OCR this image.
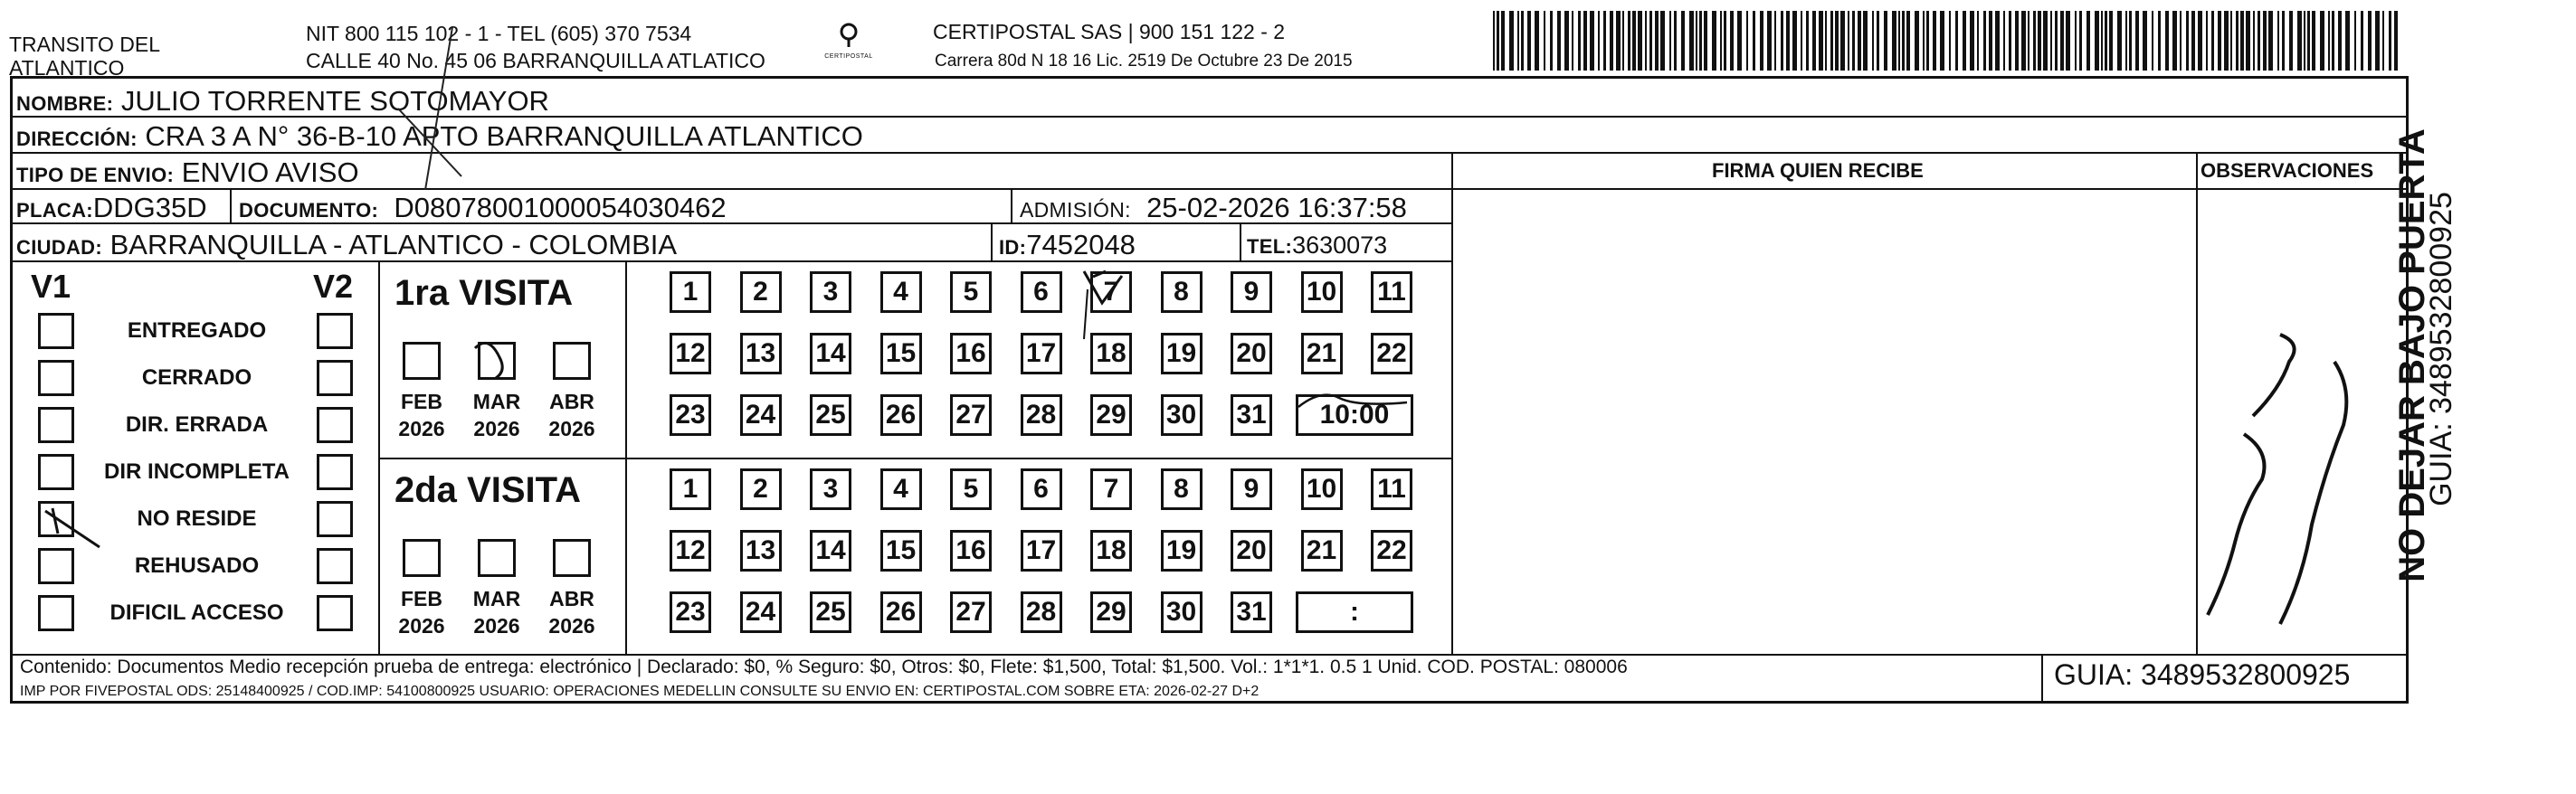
TRANSITO DEL
ATLANTICO
NIT 800 115 102 - 1 - TEL (605) 370 7534
CALLE 40 No. 45 06 BARRANQUILLA ATLATICO	CERTIPOSTAL
CERTIPOSTAL SAS | 900 151 122 - 2
Carrera 80d N 18 16 Lic. 2519 De Octubre 23 De 2015
NOMBRE: JULIO TORRENTE SOTOMAYOR
DIRECCIÓN: CRA 3 A N° 36-B-10 APTO BARRANQUILLA ATLANTICO
TIPO DE ENVIO: ENVIO AVISO
PLACA:DDG35D DOCUMENTO: D08078001000054030462	ADMISIÓN: 25-02-2026 16:37:58
CIUDAD: BARRANQUILLA - ATLANTICO - COLOMBIA	ID:7452048	TEL:3630073
FIRMA QUIEN RECIBE	OBSERVACIONES
V1	V2
ENTREGADO
CERRADO
DIR. ERRADA
DIR INCOMPLETA
NO RESIDE
REHUSADO
DIFICIL ACCESO
1ra VISITA
FEB
2026
MAR
2026
ABR
2026
1	2	3	4	5	6	7	8	9	10 11
12 13 14 15 16 17 18 19 20 21 22
23 24 25 26 27 28 29 30 31	10:00
2da VISITA
FEB
2026
MAR
2026
ABR
2026
1	2	3	4	5	6	7	8	9	10 11
12 13 14 15 16 17 18 19 20 21 22
23 24 25 26 27 28 29 30 31	:
Contenido: Documentos Medio recepción prueba de entrega: electrónico | Declarado: $0, % Seguro: $0, Otros: $0, Flete: $1,500, Total: $1,500. Vol.: 1*1*1. 0.5 1 Unid. COD. POSTAL: 080006
IMP POR FIVEPOSTAL ODS: 25148400925 / COD.IMP: 54100800925 USUARIO: OPERACIONES MEDELLIN CONSULTE SU ENVIO EN: CERTIPOSTAL.COM SOBRE ETA: 2026-02-27 D+2
GUIA: 3489532800925
NO DEJAR BAJO PUERTA
GUIA: 3489532800925
